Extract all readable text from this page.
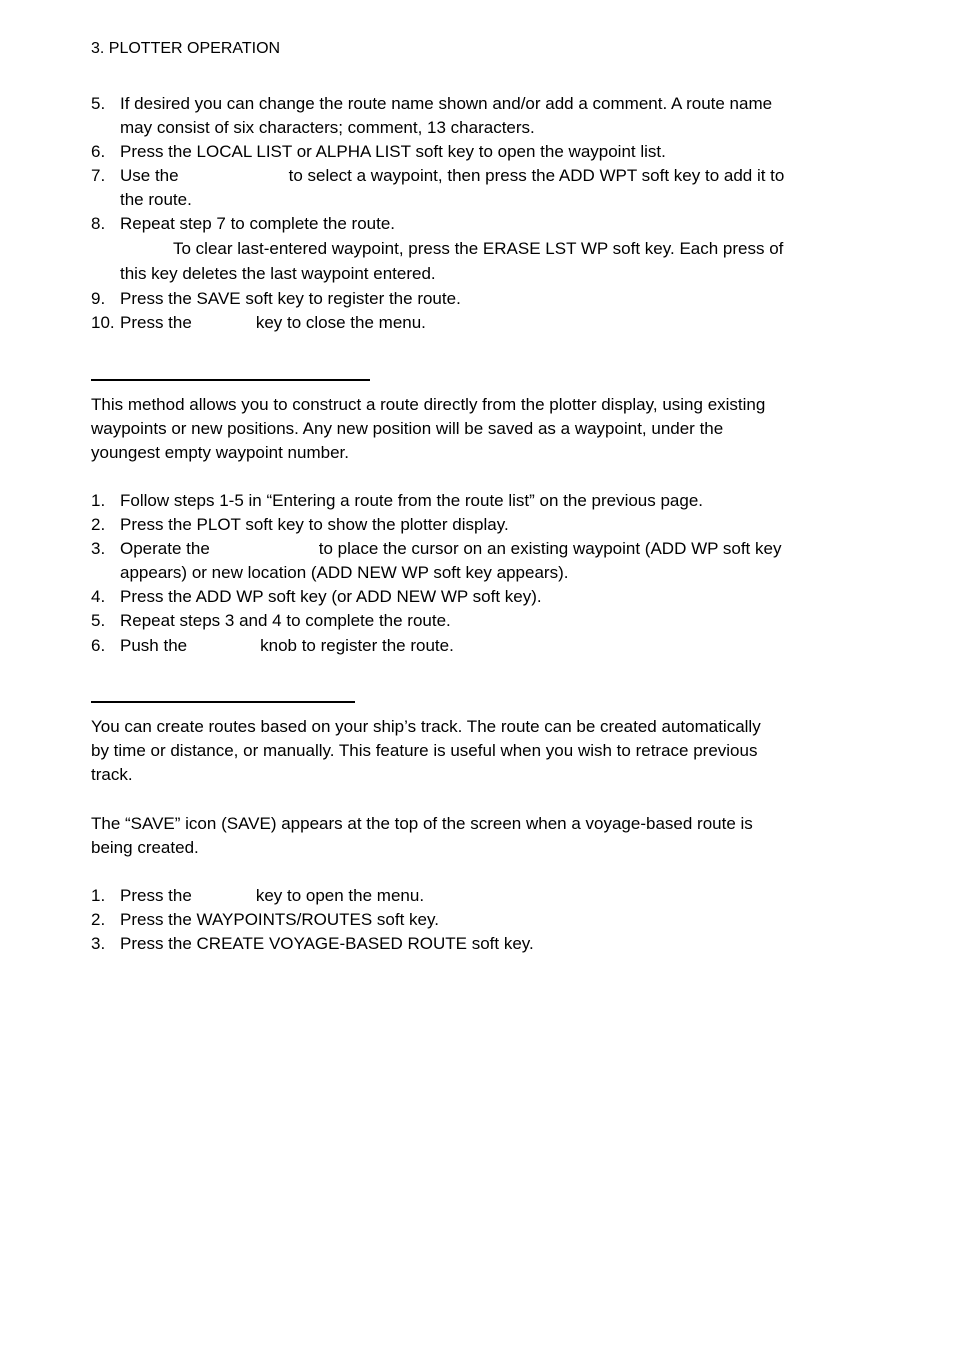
3. PLOTTER OPERATION
5. If desired you can change the route name shown and/or add a comment. A route name
may consist of six characters; comment, 13 characters.
6. Press the LOCAL LIST or ALPHA LIST soft key to open the waypoint list.
7. Use the	to select a waypoint, then press the ADD WPT soft key to add it to
the route.
8. Repeat step 7 to complete the route.
To clear last-entered waypoint, press the ERASE LST WP soft key. Each press of
this key deletes the last waypoint entered.
9. Press the SAVE soft key to register the route.
10. Press the	key to close the menu.
This method allows you to construct a route directly from the plotter display, using existing
waypoints or new positions. Any new position will be saved as a waypoint, under the
youngest empty waypoint number.
1. Follow steps 1-5 in “Entering a route from the route list” on the previous page.
2. Press the PLOT soft key to show the plotter display.
3. Operate the	to place the cursor on an existing waypoint (ADD WP soft key
appears) or new location (ADD NEW WP soft key appears).
4. Press the ADD WP soft key (or ADD NEW WP soft key).
5. Repeat steps 3 and 4 to complete the route.
6. Push the	knob to register the route.
You can create routes based on your ship’s track. The route can be created automatically
by time or distance, or manually. This feature is useful when you wish to retrace previous
track.
The “SAVE” icon (SAVE) appears at the top of the screen when a voyage-based route is
being created.
1. Press the	key to open the menu.
2. Press the WAYPOINTS/ROUTES soft key.
3. Press the CREATE VOYAGE-BASED ROUTE soft key.
